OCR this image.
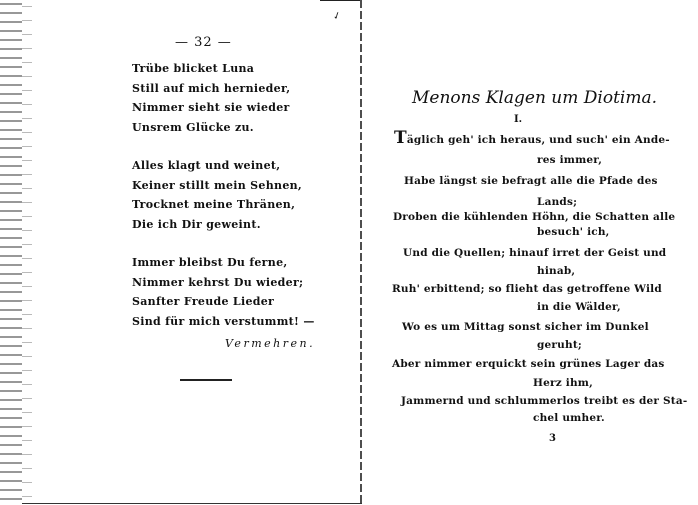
✓
— 32 —
Trübe blicket Luna
Still auf mich hernieder,
Nimmer sieht sie wieder
Unsrem Glücke zu.
Alles klagt und weinet,
Keiner stillt mein Sehnen,
Trocknet meine Thränen,
Die ich Dir geweint.
Immer bleibst Du ferne,
Nimmer kehrst Du wieder;
Sanfter Freude Lieder
Sind für mich verstummt! —
Vermehren.
Menons Klagen um Diotima.
I.
Täglich geh' ich heraus, und such' ein Ande-
res immer,
Habe längst sie befragt alle die Pfade des
Lands;
Droben die kühlenden Höhn, die Schatten alle
besuch' ich,
Und die Quellen; hinauf irret der Geist und
hinab,
Ruh' erbittend; so flieht das getroffene Wild
in die Wälder,
Wo es um Mittag sonst sicher im Dunkel
geruht;
Aber nimmer erquickt sein grünes Lager das
Herz ihm,
Jammernd und schlummerlos treibt es der Sta-
chel umher.
3
